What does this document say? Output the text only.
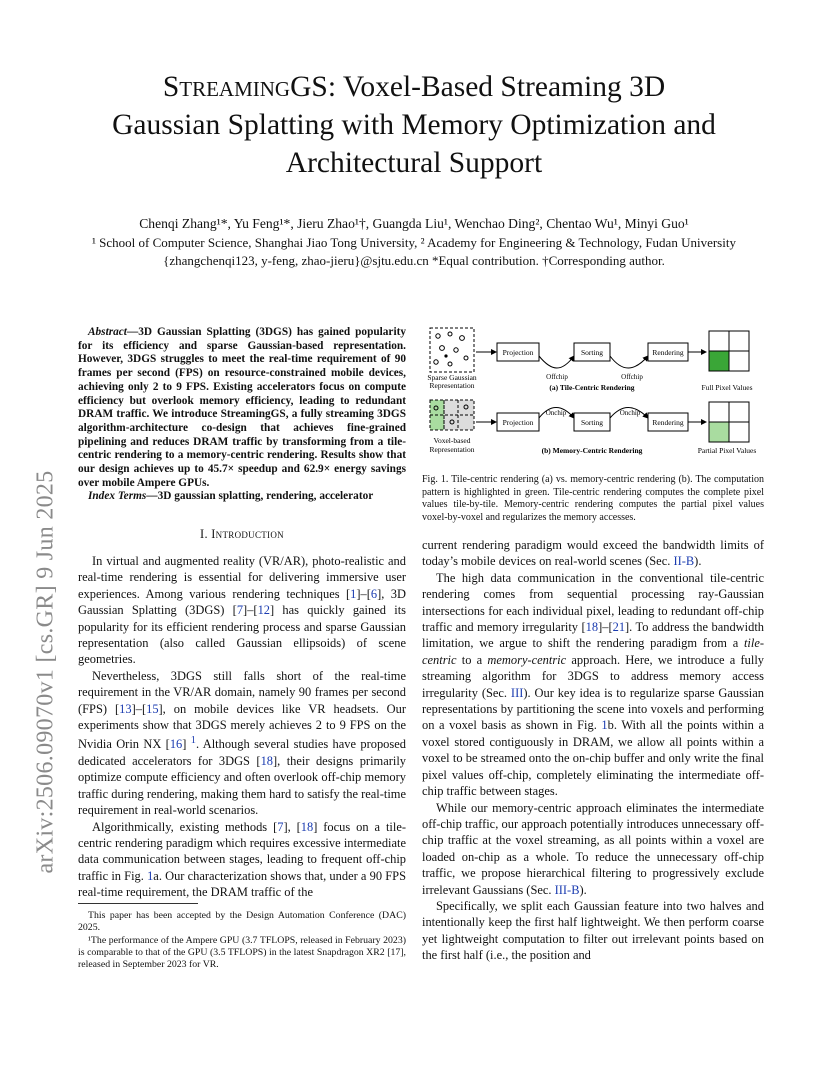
arXiv:2506.09070v1 [cs.GR] 9 Jun 2025
StreamingGS: Voxel-Based Streaming 3D
Gaussian Splatting with Memory Optimization and
Architectural Support
Chenqi Zhang¹*, Yu Feng¹*, Jieru Zhao¹†, Guangda Liu¹, Wenchao Ding², Chentao Wu¹, Minyi Guo¹
¹ School of Computer Science, Shanghai Jiao Tong University, ² Academy for Engineering & Technology, Fudan University
{zhangchenqi123, y-feng, zhao-jieru}@sjtu.edu.cn *Equal contribution. †Corresponding author.

Abstract—3D Gaussian Splatting (3DGS) has gained popularity for its efficiency and sparse Gaussian-based representation. However, 3DGS struggles to meet the real-time requirement of 90 frames per second (FPS) on resource-constrained mobile devices, achieving only 2 to 9 FPS. Existing accelerators focus on compute efficiency but overlook memory efficiency, leading to redundant DRAM traffic. We introduce StreamingGS, a fully streaming 3DGS algorithm-architecture co-design that achieves fine-grained pipelining and reduces DRAM traffic by transforming from a tile-centric rendering to a memory-centric rendering. Results show that our design achieves up to 45.7× speedup and 62.9× energy savings over mobile Ampere GPUs.

Index Terms—3D gaussian splatting, rendering, accelerator

Sparse Gaussian
Representation
Projection
Offchip
Sorting
Offchip
Rendering
(a) Tile-Centric Rendering	Full Pixel Values
Voxel-based
Representation
Projection
Onchip
Sorting
Onchip
Rendering
(b) Memory-Centric Rendering	Partial Pixel Values
Fig. 1. Tile-centric rendering (a) vs. memory-centric rendering (b). The computation pattern is highlighted in green. Tile-centric rendering computes the complete pixel values tile-by-tile. Memory-centric rendering computes the partial pixel values voxel-by-voxel and regularizes the memory accesses.
I. Introduction

In virtual and augmented reality (VR/AR), photo-realistic and real-time rendering is essential for delivering immersive user experiences. Among various rendering techniques [1]–[6], 3D Gaussian Splatting (3DGS) [7]–[12] has quickly gained its popularity for its efficient rendering process and sparse Gaussian representation (also called Gaussian ellipsoids) of scene geometries.

Nevertheless, 3DGS still falls short of the real-time requirement in the VR/AR domain, namely 90 frames per second (FPS) [13]–[15], on mobile devices like VR headsets. Our experiments show that 3DGS merely achieves 2 to 9 FPS on the Nvidia Orin NX [16] $^1$. Although several studies have proposed dedicated accelerators for 3DGS [18], their designs primarily optimize compute efficiency and often overlook off-chip memory traffic during rendering, making them hard to satisfy the real-time requirement in real-world scenarios.

Algorithmically, existing methods [7], [18] focus on a tile-centric rendering paradigm which requires excessive intermediate data communication between stages, leading to frequent off-chip traffic in Fig. 1a. Our characterization shows that, under a 90 FPS real-time requirement, the DRAM traffic of the

This paper has been accepted by the Design Automation Conference (DAC) 2025.

¹The performance of the Ampere GPU (3.7 TFLOPS, released in February 2023) is comparable to that of the GPU (3.5 TFLOPS) in the latest Snapdragon XR2 [17], released in September 2023 for VR.

current rendering paradigm would exceed the bandwidth limits of today’s mobile devices on real-world scenes (Sec. II-B).

The high data communication in the conventional tile-centric rendering comes from sequential processing ray-Gaussian intersections for each individual pixel, leading to redundant off-chip traffic and memory irregularity [18]–[21]. To address the bandwidth limitation, we argue to shift the rendering paradigm from a tile-centric to a memory-centric approach. Here, we introduce a fully streaming algorithm for 3DGS to address memory access irregularity (Sec. III). Our key idea is to regularize sparse Gaussian representations by partitioning the scene into voxels and performing on a voxel basis as shown in Fig. 1b. With all the points within a voxel stored contiguously in DRAM, we allow all points within a voxel to be streamed onto the on-chip buffer and only write the final pixel values off-chip, completely eliminating the intermediate off-chip traffic between stages.

While our memory-centric approach eliminates the intermediate off-chip traffic, our approach potentially introduces unnecessary off-chip traffic at the voxel streaming, as all points within a voxel are loaded on-chip as a whole. To reduce the unnecessary off-chip traffic, we propose hierarchical filtering to progressively exclude irrelevant Gaussians (Sec. III-B).

Specifically, we split each Gaussian feature into two halves and intentionally keep the first half lightweight. We then perform coarse yet lightweight computation to filter out irrelevant points based on the first half (i.e., the position and
